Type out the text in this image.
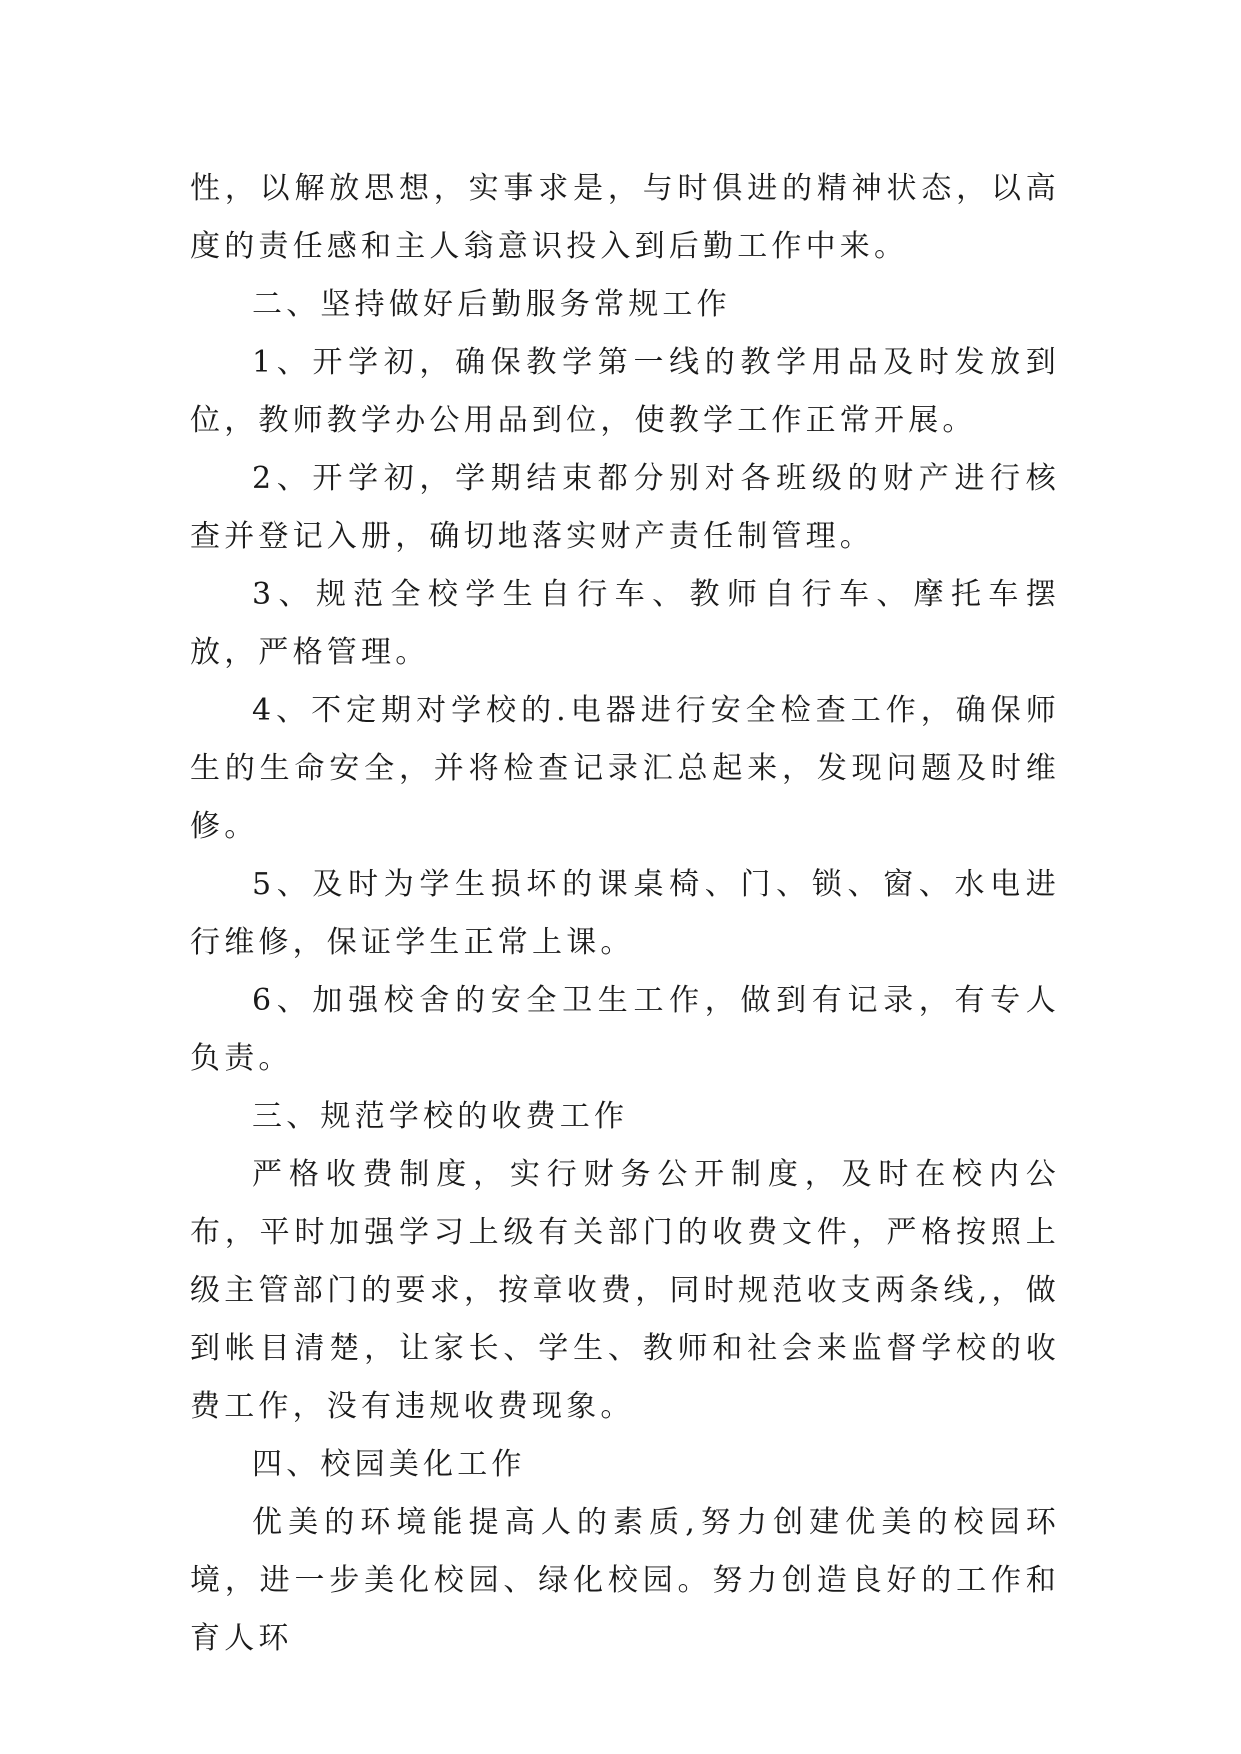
性，以解放思想，实事求是，与时俱进的精神状态，以高度的责任感和主人翁意识投入到后勤工作中来。

二、坚持做好后勤服务常规工作

1、开学初，确保教学第一线的教学用品及时发放到位，教师教学办公用品到位，使教学工作正常开展。

2、开学初，学期结束都分别对各班级的财产进行核查并登记入册，确切地落实财产责任制管理。

3、规范全校学生自行车、教师自行车、摩托车摆放，严格管理。

4、不定期对学校的.电器进行安全检查工作，确保师生的生命安全，并将检查记录汇总起来，发现问题及时维修。

5、及时为学生损坏的课桌椅、门、锁、窗、水电进行维修，保证学生正常上课。

6、加强校舍的安全卫生工作，做到有记录，有专人负责。

三、规范学校的收费工作

严格收费制度，实行财务公开制度，及时在校内公布，平时加强学习上级有关部门的收费文件，严格按照上级主管部门的要求，按章收费，同时规范收支两条线,，做到帐目清楚，让家长、学生、教师和社会来监督学校的收费工作，没有违规收费现象。

四、校园美化工作

优美的环境能提高人的素质,努力创建优美的校园环境，进一步美化校园、绿化校园。努力创造良好的工作和育人环
